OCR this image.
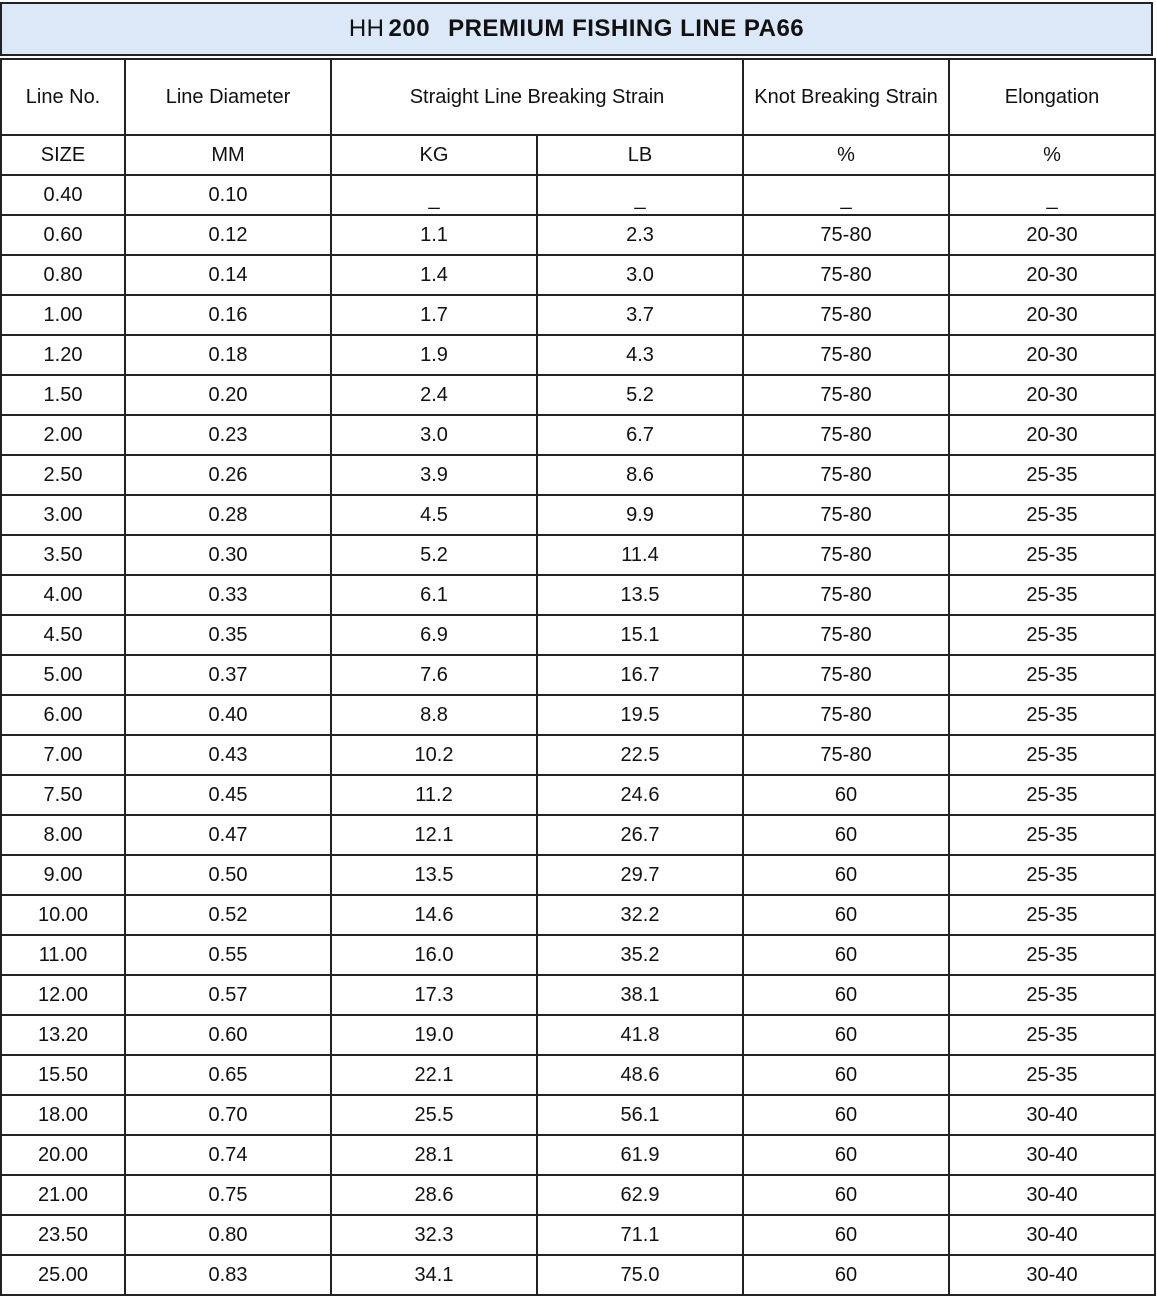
HH 200 PREMIUM FISHING LINE PA66
Line No.	Line Diameter	Straight Line Breaking Strain		Knot Breaking Strain	Elongation
SIZE	MM	KG	LB	%	%
0.40	0.10	_	_	_	_
0.60	0.12	1.1	2.3	75-80	20-30
0.80	0.14	1.4	3.0	75-80	20-30
1.00	0.16	1.7	3.7	75-80	20-30
1.20	0.18	1.9	4.3	75-80	20-30
1.50	0.20	2.4	5.2	75-80	20-30
2.00	0.23	3.0	6.7	75-80	20-30
2.50	0.26	3.9	8.6	75-80	25-35
3.00	0.28	4.5	9.9	75-80	25-35
3.50	0.30	5.2	11.4	75-80	25-35
4.00	0.33	6.1	13.5	75-80	25-35
4.50	0.35	6.9	15.1	75-80	25-35
5.00	0.37	7.6	16.7	75-80	25-35
6.00	0.40	8.8	19.5	75-80	25-35
7.00	0.43	10.2	22.5	75-80	25-35
7.50	0.45	11.2	24.6	60	25-35
8.00	0.47	12.1	26.7	60	25-35
9.00	0.50	13.5	29.7	60	25-35
10.00	0.52	14.6	32.2	60	25-35
11.00	0.55	16.0	35.2	60	25-35
12.00	0.57	17.3	38.1	60	25-35
13.20	0.60	19.0	41.8	60	25-35
15.50	0.65	22.1	48.6	60	25-35
18.00	0.70	25.5	56.1	60	30-40
20.00	0.74	28.1	61.9	60	30-40
21.00	0.75	28.6	62.9	60	30-40
23.50	0.80	32.3	71.1	60	30-40
25.00	0.83	34.1	75.0	60	30-40
